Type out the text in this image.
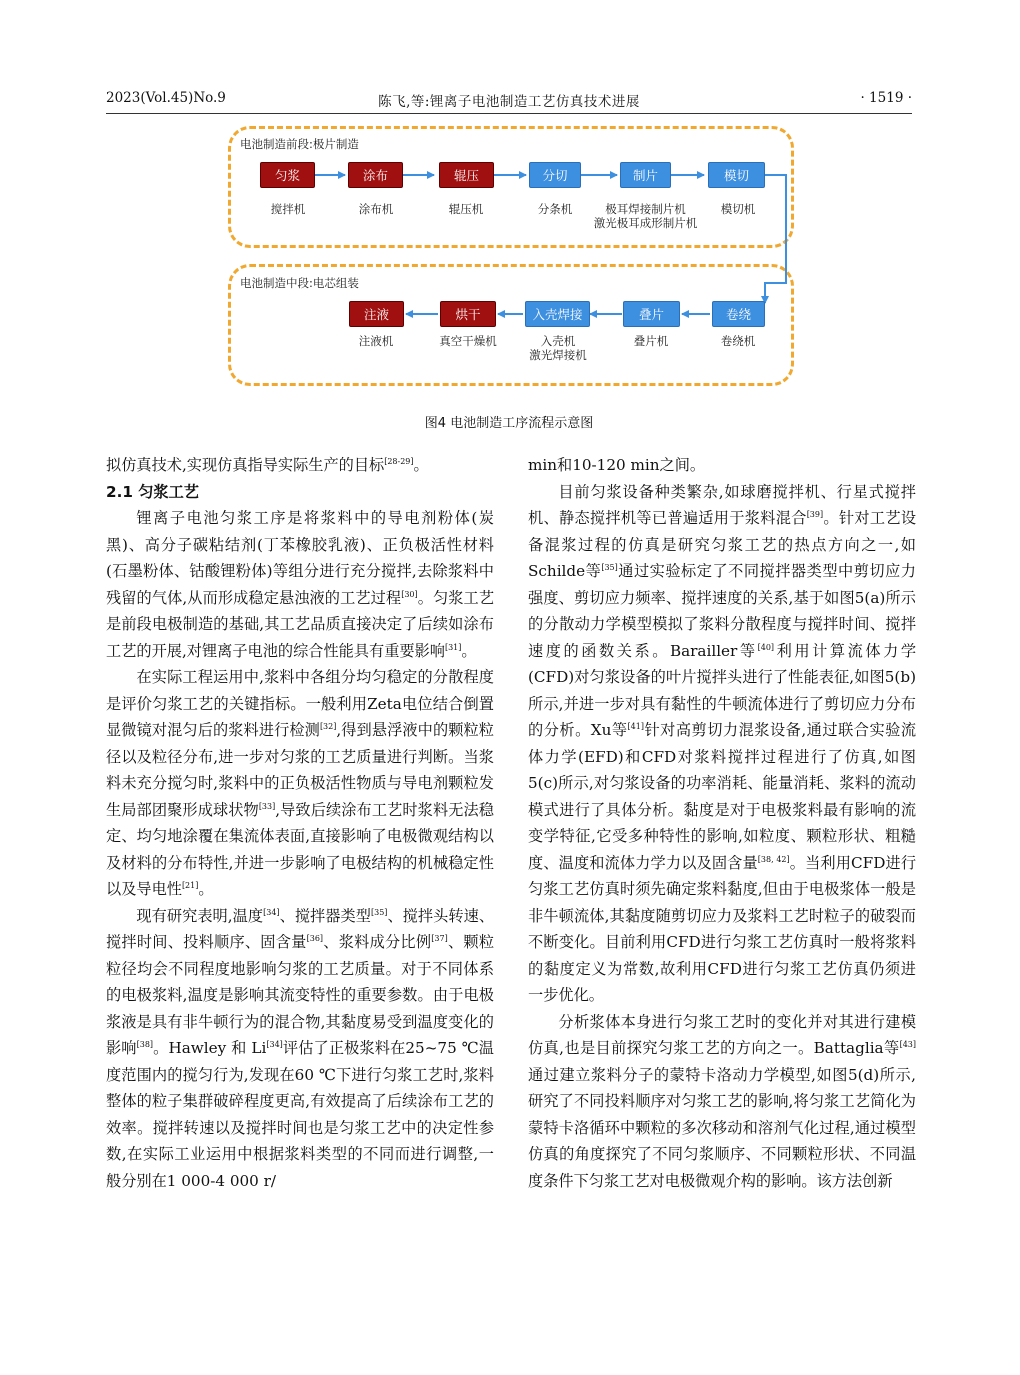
2023(Vol.45)No.9	陈飞,等:锂离子电池制造工艺仿真技术进展	· 1519 ·
电池制造前段:极片制造
电池制造中段:电芯组装
匀浆	涂布	辊压	分切	制片	模切
搅拌机	涂布机	辊压机	分条机	极耳焊接制片机
激光极耳成形制片机
模切机
注液	烘干	入壳焊接	叠片	卷绕
注液机	真空干燥机	入壳机
激光焊接机
叠片机	卷绕机
图4 电池制造工序流程示意图

拟仿真技术,实现仿真指导实际生产的目标[28-29]。

2.1 匀浆工艺

锂离子电池匀浆工序是将浆料中的导电剂粉体(炭黑)、高分子碳粘结剂(丁苯橡胶乳液)、正负极活性材料(石墨粉体、钴酸锂粉体)等组分进行充分搅拌,去除浆料中残留的气体,从而形成稳定悬浊液的工艺过程[30]。匀浆工艺是前段电极制造的基础,其工艺品质直接决定了后续如涂布工艺的开展,对锂离子电池的综合性能具有重要影响[31]。

在实际工程运用中,浆料中各组分均匀稳定的分散程度是评价匀浆工艺的关键指标。一般利用Zeta电位结合倒置显微镜对混匀后的浆料进行检测[32],得到悬浮液中的颗粒粒径以及粒径分布,进一步对匀浆的工艺质量进行判断。当浆料未充分搅匀时,浆料中的正负极活性物质与导电剂颗粒发生局部团聚形成球状物[33],导致后续涂布工艺时浆料无法稳定、均匀地涂覆在集流体表面,直接影响了电极微观结构以及材料的分布特性,并进一步影响了电极结构的机械稳定性以及导电性[21]。

现有研究表明,温度[34]、搅拌器类型[35]、搅拌头转速、搅拌时间、投料顺序、固含量[36]、浆料成分比例[37]、颗粒粒径均会不同程度地影响匀浆的工艺质量。对于不同体系的电极浆料,温度是影响其流变特性的重要参数。由于电极浆液是具有非牛顿行为的混合物,其黏度易受到温度变化的影响[38]。Hawley 和 Li[34]评估了正极浆料在25~75 ℃温度范围内的搅匀行为,发现在60 ℃下进行匀浆工艺时,浆料整体的粒子集群破碎程度更高,有效提高了后续涂布工艺的效率。搅拌转速以及搅拌时间也是匀浆工艺中的决定性参数,在实际工业运用中根据浆料类型的不同而进行调整,一般分别在1 000-4 000 r/

min和10-120 min之间。

目前匀浆设备种类繁杂,如球磨搅拌机、行星式搅拌机、静态搅拌机等已普遍适用于浆料混合[39]。针对工艺设备混浆过程的仿真是研究匀浆工艺的热点方向之一,如Schilde等[35]通过实验标定了不同搅拌器类型中剪切应力强度、剪切应力频率、搅拌速度的关系,基于如图5(a)所示的分散动力学模型模拟了浆料分散程度与搅拌时间、搅拌速度的函数关系。Barailler等[40]利用计算流体力学(CFD)对匀浆设备的叶片搅拌头进行了性能表征,如图5(b)所示,并进一步对具有黏性的牛顿流体进行了剪切应力分布的分析。Xu等[41]针对高剪切力混浆设备,通过联合实验流体力学(EFD)和CFD对浆料搅拌过程进行了仿真,如图5(c)所示,对匀浆设备的功率消耗、能量消耗、浆料的流动模式进行了具体分析。黏度是对于电极浆料最有影响的流变学特征,它受多种特性的影响,如粒度、颗粒形状、粗糙度、温度和流体力学力以及固含量[38, 42]。当利用CFD进行匀浆工艺仿真时须先确定浆料黏度,但由于电极浆体一般是非牛顿流体,其黏度随剪切应力及浆料工艺时粒子的破裂而不断变化。目前利用CFD进行匀浆工艺仿真时一般将浆料的黏度定义为常数,故利用CFD进行匀浆工艺仿真仍须进一步优化。

分析浆体本身进行匀浆工艺时的变化并对其进行建模仿真,也是目前探究匀浆工艺的方向之一。Battaglia等[43]通过建立浆料分子的蒙特卡洛动力学模型,如图5(d)所示,研究了不同投料顺序对匀浆工艺的影响,将匀浆工艺简化为蒙特卡洛循环中颗粒的多次移动和溶剂气化过程,通过模型仿真的角度探究了不同匀浆顺序、不同颗粒形状、不同温度条件下匀浆工艺对电极微观介构的影响。该方法创新
